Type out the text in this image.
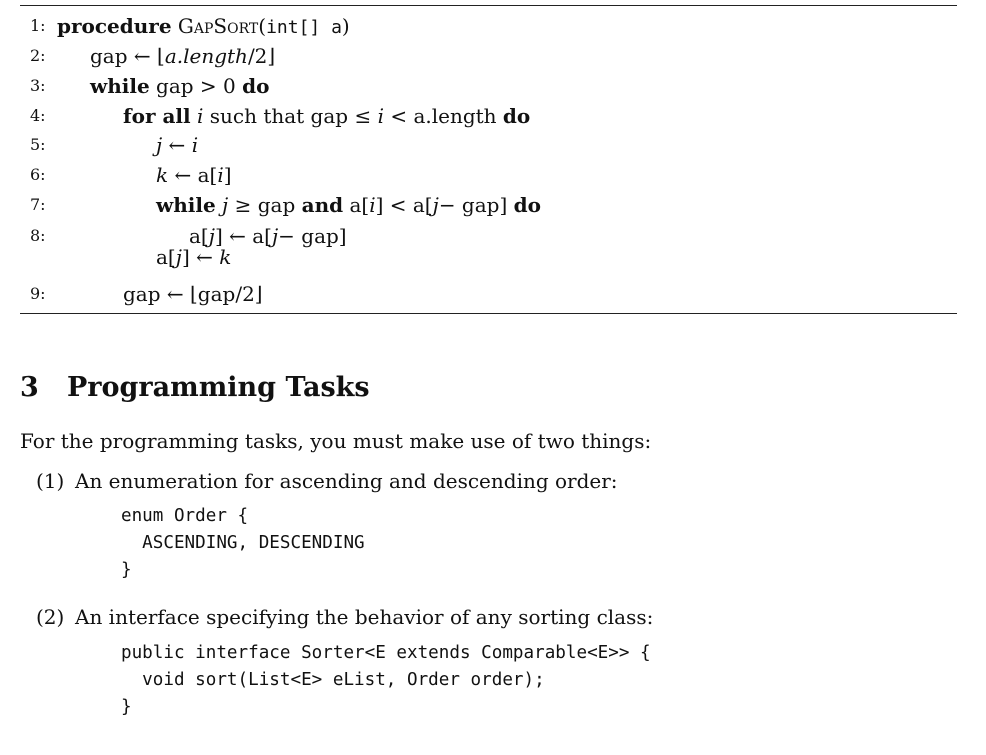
1: procedure GapSort(int[] a)
2: gap ← ⌊a.length/2⌋
3: while gap > 0 do
4:	for all i such that gap ≤ i < a.length do
5:	j ← i
6:	k ← a[i]
7:	while j ≥ gap and a[i] < a[j− gap] do
8:	a[j] ← a[j− gap]
a[j] ← k
9:	gap ← ⌊gap/2⌋
3 Programming Tasks
For the programming tasks, you must make use of two things:
(1) An enumeration for ascending and descending order:
enum Order {
ASCENDING, DESCENDING
}
(2) An interface specifying the behavior of any sorting class:
public interface Sorter<E extends Comparable<E>> {
void sort(List<E> eList, Order order);
}
